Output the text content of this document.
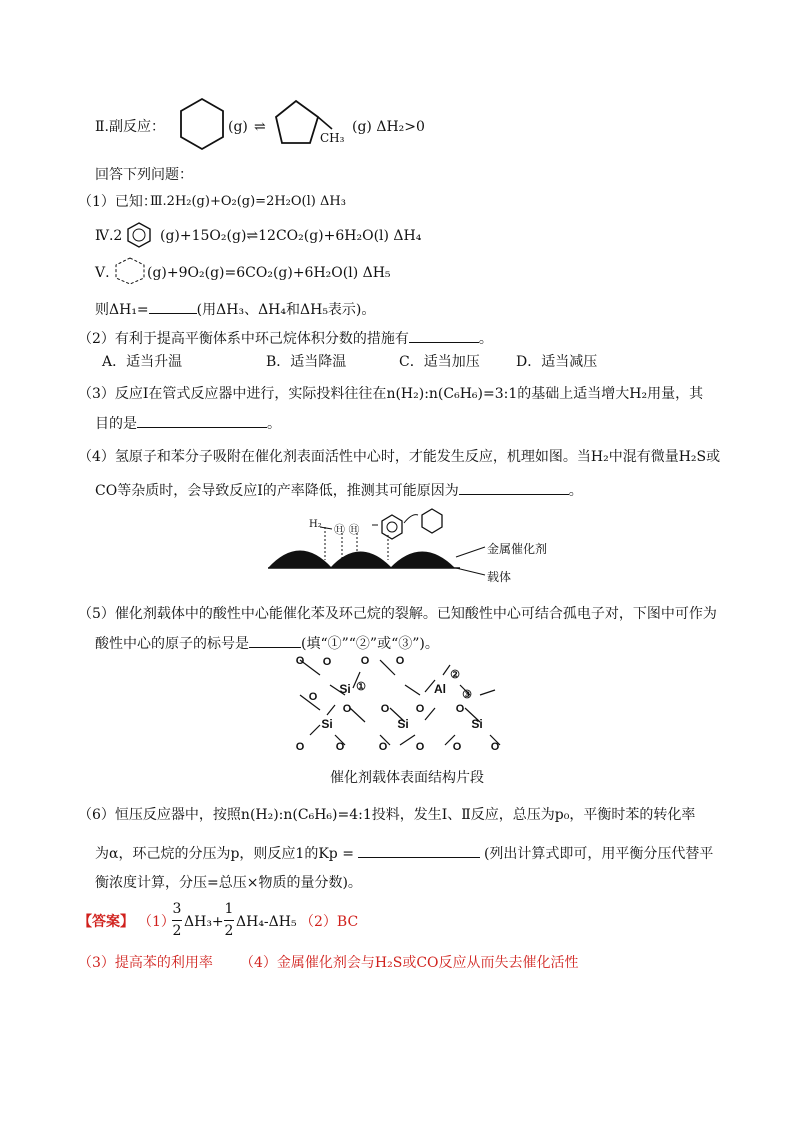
Ⅱ.副反应：	(g) ⇌
CH₃
(g) ΔH₂>0
回答下列问题：
（1）已知：
Ⅲ.2H₂(g)+O₂(g)=2H₂O(l) ΔH₃
Ⅳ.2	(g)+15O₂(g)⇌12CO₂(g)+6H₂O(l) ΔH₄
Ⅴ.	(g)+9O₂(g)=6CO₂(g)+6H₂O(l) ΔH₅
则ΔH₁=	(用ΔH₃、ΔH₄和ΔH₅表示)。
（2）有利于提高平衡体系中环己烷体积分数的措施有	。
A．适当升温	B．适当降温	C．适当加压	D．适当减压
（3）反应Ⅰ在管式反应器中进行，实际投料往往在n(H₂):n(C₆H₆)=3:1的基础上适当增大H₂用量，其
目的是	。
（4）氢原子和苯分子吸附在催化剂表面活性中心时，才能发生反应，机理如图。当H₂中混有微量H₂S或
CO等杂质时，会导致反应Ⅰ的产率降低，推测其可能原因为	。
H₂ Ⓗ Ⓗ
金属催化剂
载体
（5）催化剂载体中的酸性中心能催化苯及环己烷的裂解。已知酸性中心可结合孤电子对，下图中可作为
酸性中心的原子的标号是	(填“①”“②”或“③”)。
O O	O O
Si ①	Al
②
③
O
O	O O	O
Si	Si	Si
O	O	O	O	O	O
催化剂载体表面结构片段
（6）恒压反应器中，按照n(H₂):n(C₆H₆)=4:1投料，发生Ⅰ、Ⅱ反应，总压为p₀，平衡时苯的转化率
为α，环己烷的分压为p，则反应1的Kp =	(列出计算式即可，用平衡分压代替平
衡浓度计算，分压=总压×物质的量分数)。
【答案】 （1）
3
2
ΔH₃+
1
2
ΔH₄-ΔH₅ （2）BC
（3）提高苯的利用率 （4）金属催化剂会与H₂S或CO反应从而失去催化活性
